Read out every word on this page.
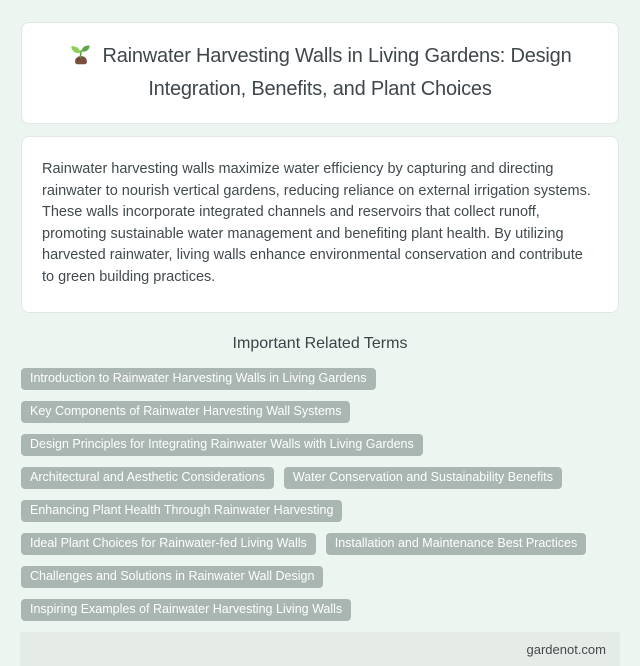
Rainwater Harvesting Walls in Living Gardens: Design Integration, Benefits, and Plant Choices

Rainwater harvesting walls maximize water efficiency by capturing and directing rainwater to nourish vertical gardens, reducing reliance on external irrigation systems. These walls incorporate integrated channels and reservoirs that collect runoff, promoting sustainable water management and benefiting plant health. By utilizing harvested rainwater, living walls enhance environmental conservation and contribute to green building practices.

Important Related Terms
Introduction to Rainwater Harvesting Walls in Living Gardens
Key Components of Rainwater Harvesting Wall Systems
Design Principles for Integrating Rainwater Walls with Living Gardens
Architectural and Aesthetic Considerations	Water Conservation and Sustainability Benefits
Enhancing Plant Health Through Rainwater Harvesting
Ideal Plant Choices for Rainwater-fed Living Walls	Installation and Maintenance Best Practices
Challenges and Solutions in Rainwater Wall Design
Inspiring Examples of Rainwater Harvesting Living Walls
gardenot.com
